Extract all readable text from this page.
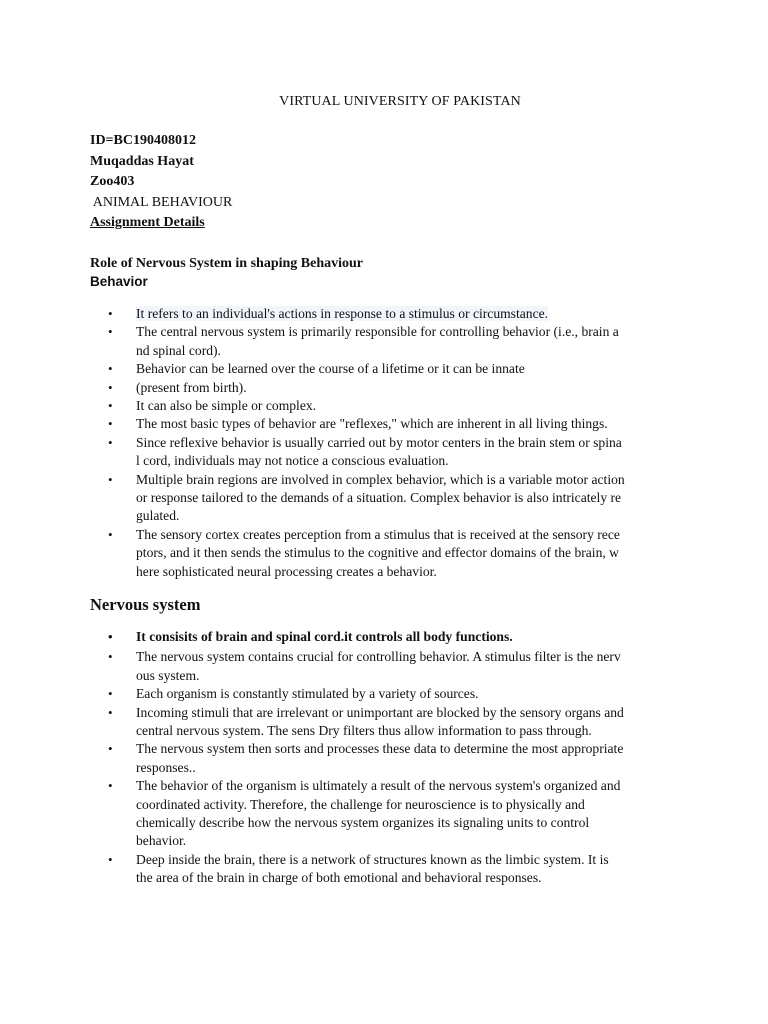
VIRTUAL UNIVERSITY OF PAKISTAN
ID=BC190408012
Muqaddas Hayat
Zoo403
ANIMAL BEHAVIOUR
Assignment Details
Role of Nervous System in shaping Behaviour
Behavior
• It refers to an individual's actions in response to a stimulus or circumstance.
• The central nervous system is primarily responsible for controlling behavior (i.e., brain a
nd spinal cord).
• Behavior can be learned over the course of a lifetime or it can be innate
• (present from birth).
• It can also be simple or complex.
• The most basic types of behavior are "reflexes," which are inherent in all living things.
• Since reflexive behavior is usually carried out by motor centers in the brain stem or spina
l cord, individuals may not notice a conscious evaluation.
• Multiple brain regions are involved in complex behavior, which is a variable motor action
or response tailored to the demands of a situation. Complex behavior is also intricately re
gulated.
• The sensory cortex creates perception from a stimulus that is received at the sensory rece
ptors, and it then sends the stimulus to the cognitive and effector domains of the brain, w
here sophisticated neural processing creates a behavior.
Nervous system
• It consisits of brain and spinal cord.it controls all body functions.
• The nervous system contains crucial for controlling behavior. A stimulus filter is the nerv
ous system.
• Each organism is constantly stimulated by a variety of sources.
• Incoming stimuli that are irrelevant or unimportant are blocked by the sensory organs and
central nervous system. The sens Dry filters thus allow information to pass through.
• The nervous system then sorts and processes these data to determine the most appropriate
responses..
• The behavior of the organism is ultimately a result of the nervous system's organized and
coordinated activity. Therefore, the challenge for neuroscience is to physically and
chemically describe how the nervous system organizes its signaling units to control
behavior.
• Deep inside the brain, there is a network of structures known as the limbic system. It is
the area of the brain in charge of both emotional and behavioral responses.
